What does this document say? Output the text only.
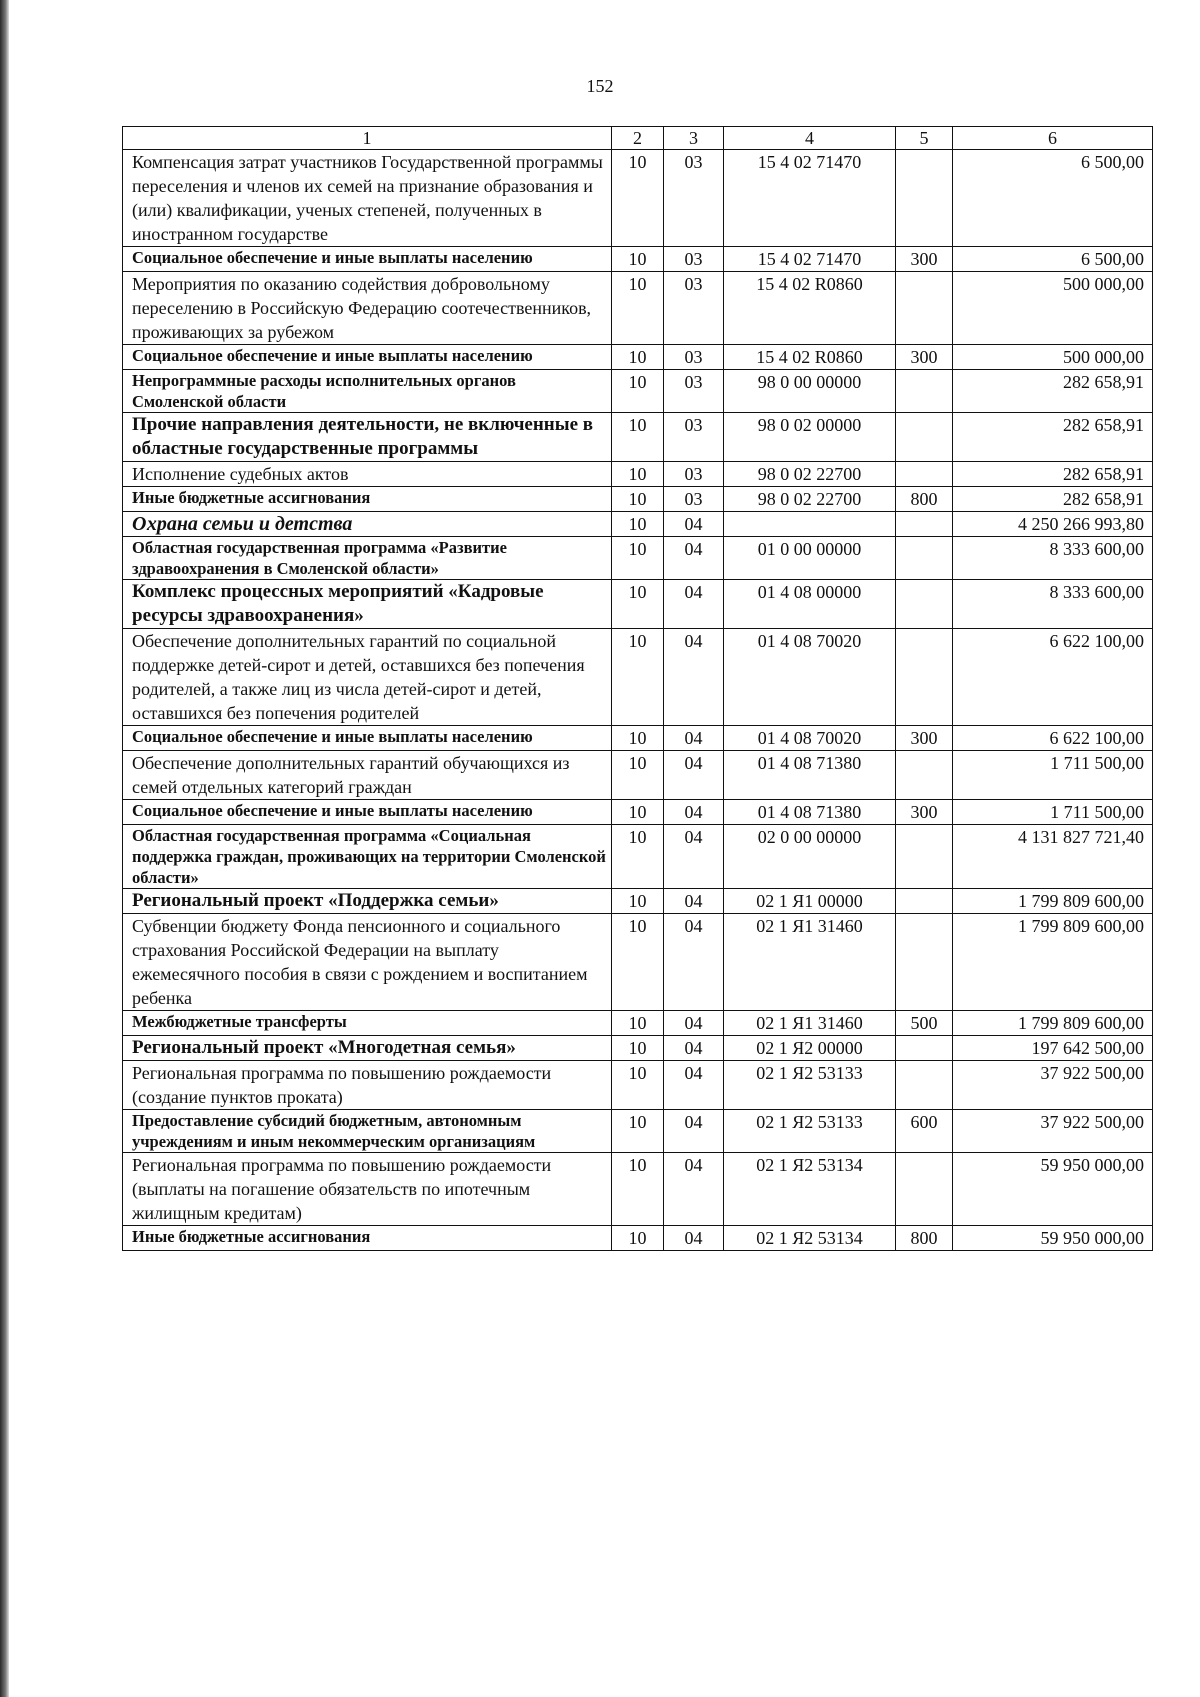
152
1	2	3	4	5	6
Компенсация затрат участников Государственной программы переселения и членов их семей на признание образования и (или) квалификации, ученых степеней, полученных в иностранном государстве	10	03	15 4 02 71470		6 500,00
Социальное обеспечение и иные выплаты населению	10	03	15 4 02 71470	300	6 500,00
Мероприятия по оказанию содействия добровольному переселению в Российскую Федерацию соотечественников, проживающих за рубежом	10	03	15 4 02 R0860		500 000,00
Социальное обеспечение и иные выплаты населению	10	03	15 4 02 R0860	300	500 000,00
Непрограммные расходы исполнительных органов Смоленской области	10	03	98 0 00 00000		282 658,91
Прочие направления деятельности, не включенные в областные государственные программы	10	03	98 0 02 00000		282 658,91
Исполнение судебных актов	10	03	98 0 02 22700		282 658,91
Иные бюджетные ассигнования	10	03	98 0 02 22700	800	282 658,91
Охрана семьи и детства	10	04			4 250 266 993,80
Областная государственная программа «Развитие здравоохранения в Смоленской области»	10	04	01 0 00 00000		8 333 600,00
Комплекс процессных мероприятий «Кадровые ресурсы здравоохранения»	10	04	01 4 08 00000		8 333 600,00
Обеспечение дополнительных гарантий по социальной поддержке детей-сирот и детей, оставшихся без попечения родителей, а также лиц из числа детей-сирот и детей, оставшихся без попечения родителей	10	04	01 4 08 70020		6 622 100,00
Социальное обеспечение и иные выплаты населению	10	04	01 4 08 70020	300	6 622 100,00
Обеспечение дополнительных гарантий обучающихся из семей отдельных категорий граждан	10	04	01 4 08 71380		1 711 500,00
Социальное обеспечение и иные выплаты населению	10	04	01 4 08 71380	300	1 711 500,00
Областная государственная программа «Социальная поддержка граждан, проживающих на территории Смоленской области»	10	04	02 0 00 00000		4 131 827 721,40
Региональный проект «Поддержка семьи»	10	04	02 1 Я1 00000		1 799 809 600,00
Субвенции бюджету Фонда пенсионного и социального страхования Российской Федерации на выплату ежемесячного пособия в связи с рождением и воспитанием ребенка	10	04	02 1 Я1 31460		1 799 809 600,00
Межбюджетные трансферты	10	04	02 1 Я1 31460	500	1 799 809 600,00
Региональный проект «Многодетная семья»	10	04	02 1 Я2 00000		197 642 500,00
Региональная программа по повышению рождаемости (создание пунктов проката)	10	04	02 1 Я2 53133		37 922 500,00
Предоставление субсидий бюджетным, автономным учреждениям и иным некоммерческим организациям	10	04	02 1 Я2 53133	600	37 922 500,00
Региональная программа по повышению рождаемости (выплаты на погашение обязательств по ипотечным жилищным кредитам)	10	04	02 1 Я2 53134		59 950 000,00
Иные бюджетные ассигнования	10	04	02 1 Я2 53134	800	59 950 000,00
